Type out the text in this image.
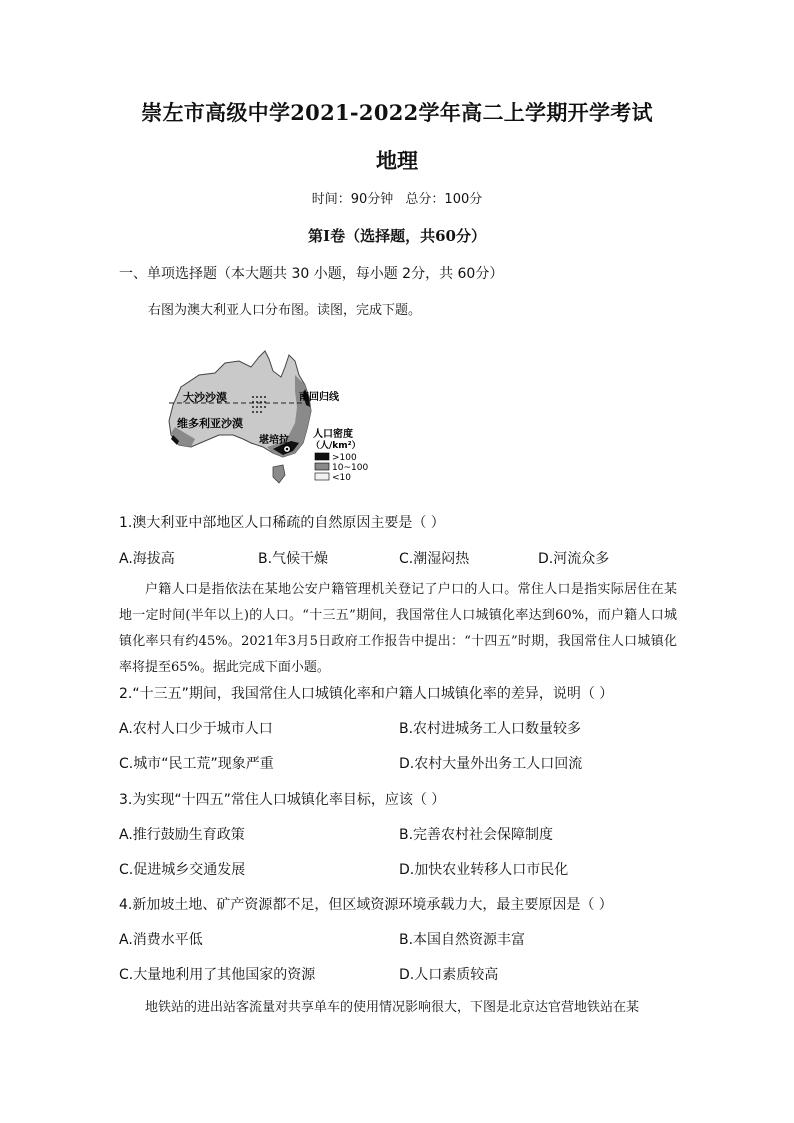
崇左市高级中学2021-2022学年高二上学期开学考试
地理
时间：90分钟 总分：100分
第Ⅰ卷（选择题，共60分）
一、单项选择题（本大题共 30 小题，每小题 2分，共 60分）
右图为澳大利亚人口分布图。读图，完成下题。
大沙沙漠
维多利亚沙漠
南回归线
堪培拉
人口密度
（人/km²）
>100
10~100
<10
1.澳大利亚中部地区人口稀疏的自然原因主要是（ ）
A.海拔高	B.气候干燥	C.潮湿闷热	D.河流众多
户籍人口是指依法在某地公安户籍管理机关登记了户口的人口。常住人口是指实际居住在某地一定时间(半年以上)的人口。“十三五”期间，我国常住人口城镇化率达到60%，而户籍人口城镇化率只有约45%。2021年3月5日政府工作报告中提出：“十四五”时期，我国常住人口城镇化率将提至65%。据此完成下面小题。
2.“十三五”期间，我国常住人口城镇化率和户籍人口城镇化率的差异，说明（ ）
A.农村人口少于城市人口	B.农村进城务工人口数量较多
C.城市“民工荒”现象严重	D.农村大量外出务工人口回流
3.为实现“十四五”常住人口城镇化率目标，应该（ ）
A.推行鼓励生育政策	B.完善农村社会保障制度
C.促进城乡交通发展	D.加快农业转移人口市民化
4.新加坡土地、矿产资源都不足，但区域资源环境承载力大，最主要原因是（ ）
A.消费水平低	B.本国自然资源丰富
C.大量地利用了其他国家的资源	D.人口素质较高
地铁站的进出站客流量对共享单车的使用情况影响很大，下图是北京达官营地铁站在某
